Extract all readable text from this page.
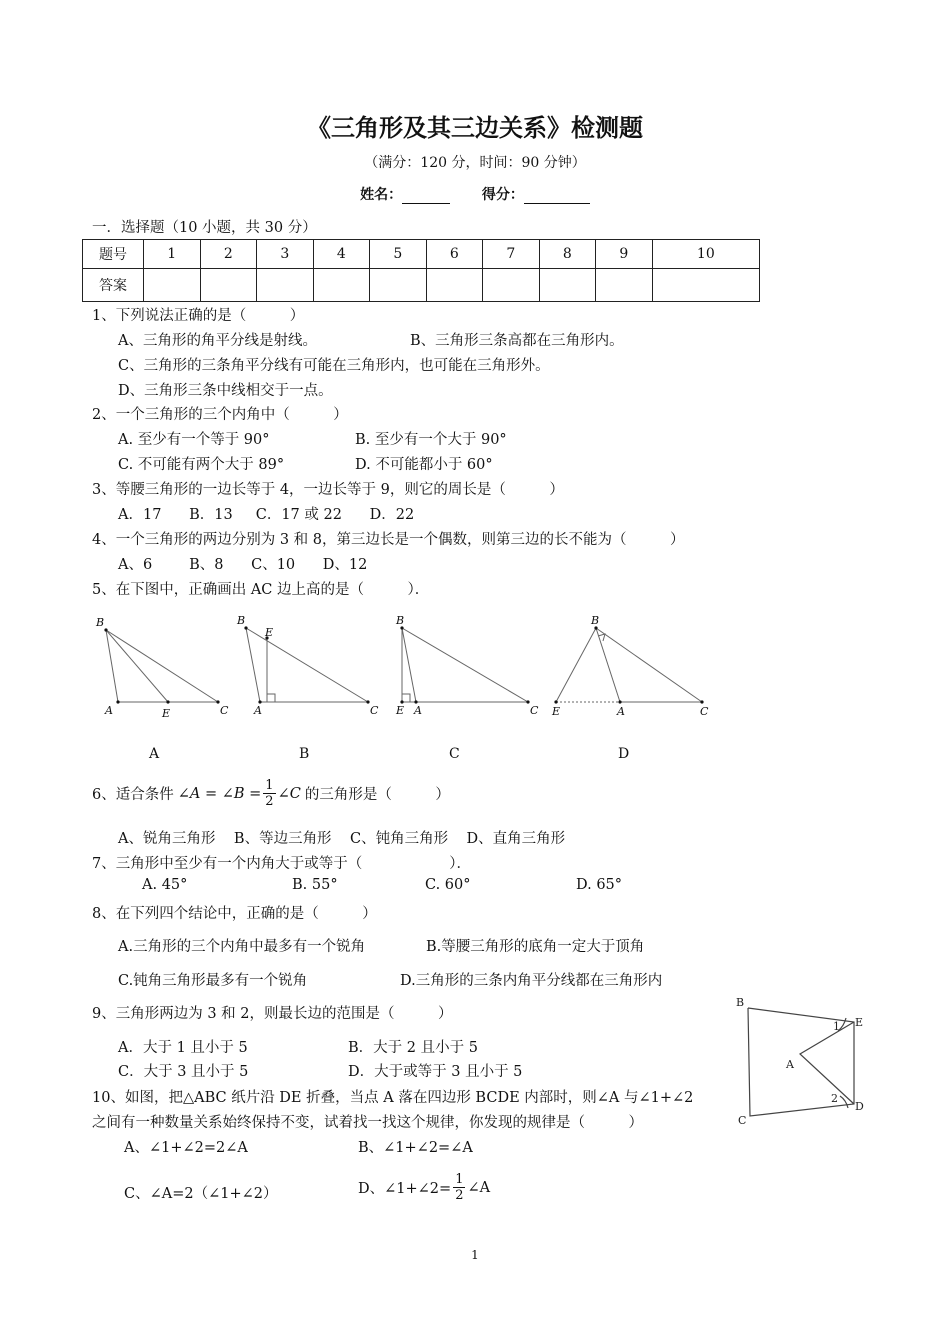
《三角形及其三边关系》检测题
（满分：120 分，时间：90 分钟）
姓名：	得分：
一．选择题（10 小题，共 30 分）
题号	1	2	3	4	5	6	7	8	9	10
答案										
1、下列说法正确的是（　　　）
A、三角形的角平分线是射线。	B、三角形三条高都在三角形内。
C、三角形的三条角平分线有可能在三角形内，也可能在三角形外。
D、三角形三条中线相交于一点。
2、一个三角形的三个内角中（　　　）
A. 至少有一个等于 90°	B. 至少有一个大于 90°
C. 不可能有两个大于 89°	D. 不可能都小于 60°
3、等腰三角形的一边长等于 4，一边长等于 9，则它的周长是（　　　）
A．17      B．13     C．17 或 22      D．22
4、一个三角形的两边分别为 3 和 8，第三边长是一个偶数，则第三边的长不能为（　　　）
A、6        B、8      C、10      D、12
5、在下图中，正确画出 AC 边上高的是（　　　）．
B
A	E	C
B
E
A	C
B
E A	C
B
E	A	C
A	B	C	D
6、适合条件 ∠A = ∠B = $\frac{1}{2}$ ∠C 的三角形是（　　　）
A、锐角三角形    B、等边三角形    C、钝角三角形    D、直角三角形
7、三角形中至少有一个内角大于或等于（　　　　　　）．
A. 45°	B. 55°	C. 60°	D. 65°
8、在下列四个结论中，正确的是（　　　）
A.三角形的三个内角中最多有一个锐角	B.等腰三角形的底角一定大于顶角
C.钝角三角形最多有一个锐角	D.三角形的三条内角平分线都在三角形内
9、三角形两边为 3 和 2，则最长边的范围是（　　　）
A．大于 1 且小于 5	B．大于 2 且小于 5
C．大于 3 且小于 5	D．大于或等于 3 且小于 5
B
E
A
C
D
1
2
10、如图，把△ABC 纸片沿 DE 折叠，当点 A 落在四边形 BCDE 内部时，则∠A 与∠1+∠2
之间有一种数量关系始终保持不变，试着找一找这个规律，你发现的规律是（　　　）
A、∠1+∠2=2∠A	B、∠1+∠2=∠A
C、∠A=2（∠1+∠2）	D、∠1+∠2= $\frac{1}{2}$ ∠A
1
